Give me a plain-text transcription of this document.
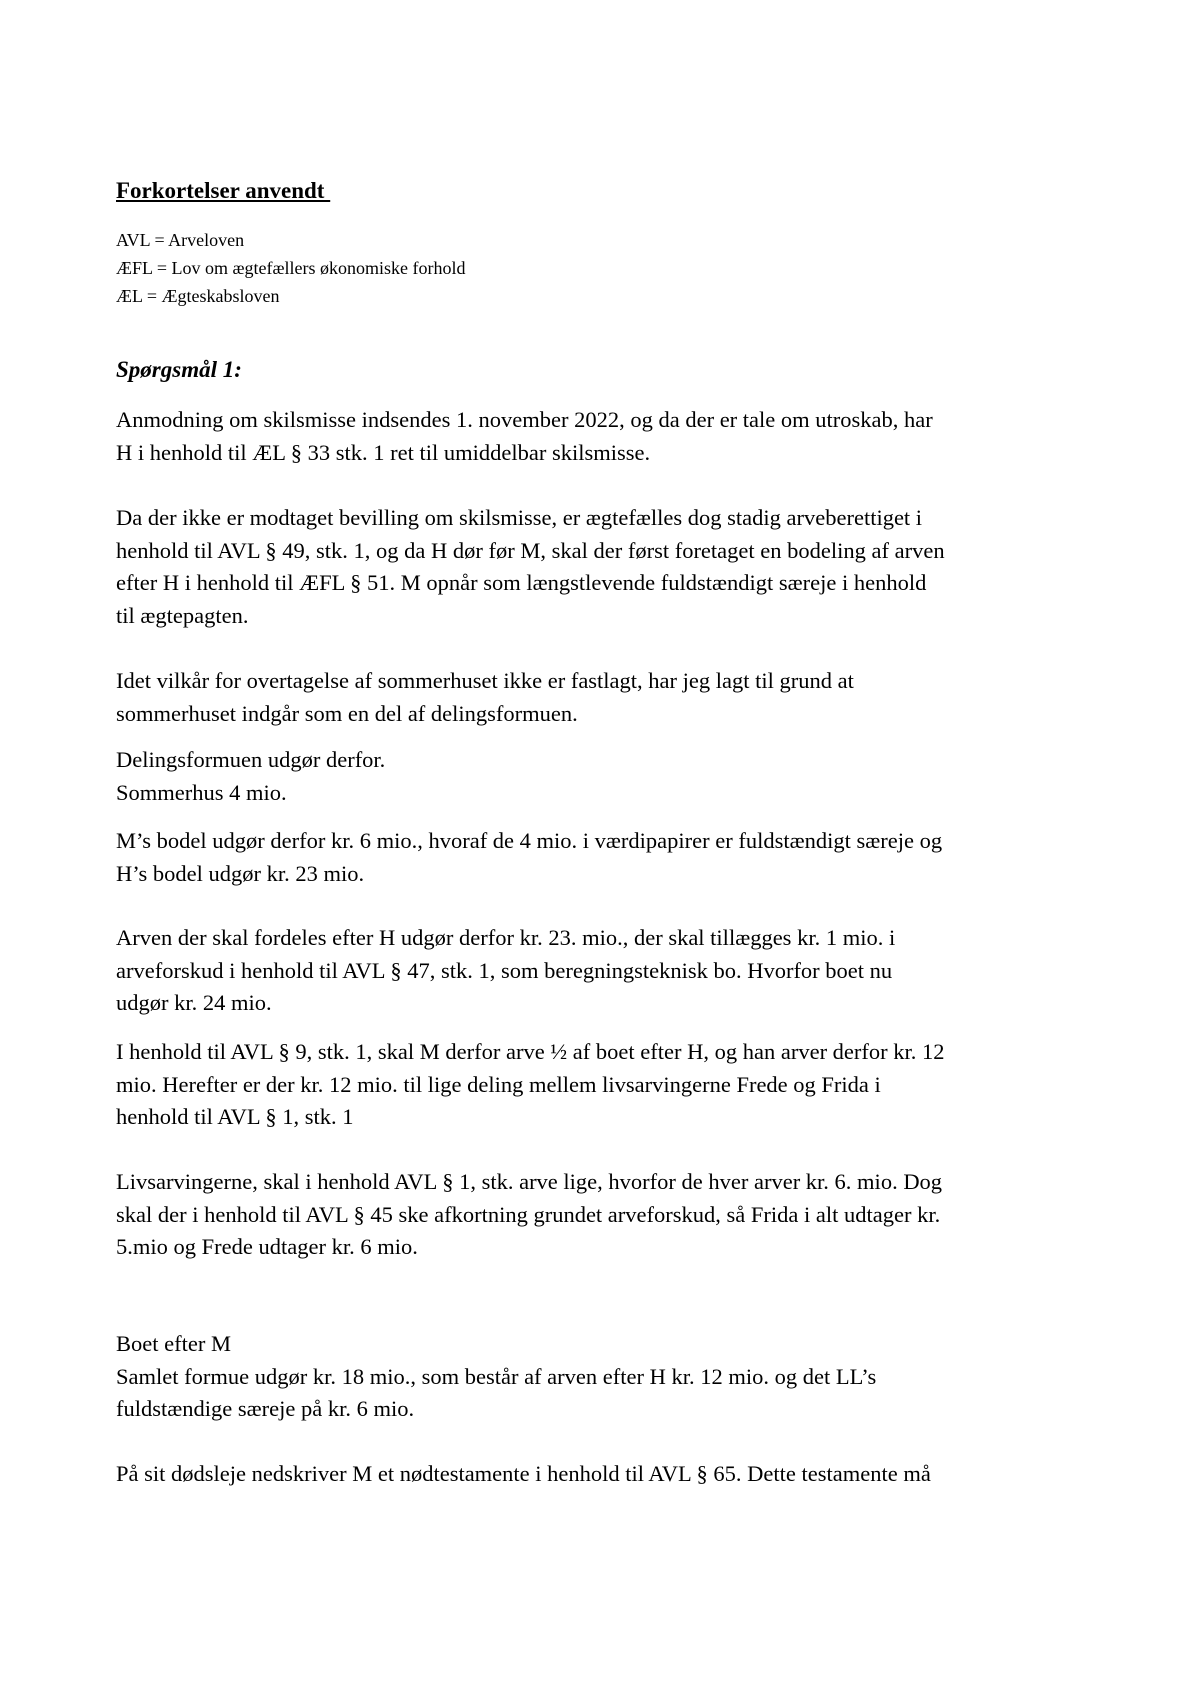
Forkortelser anvendt
AVL = Arveloven
ÆFL = Lov om ægtefællers økonomiske forhold
ÆL = Ægteskabsloven
Spørgsmål 1:
Anmodning om skilsmisse indsendes 1. november 2022, og da der er tale om utroskab, har
H i henhold til ÆL § 33 stk. 1 ret til umiddelbar skilsmisse.
Da der ikke er modtaget bevilling om skilsmisse, er ægtefælles dog stadig arveberettiget i
henhold til AVL § 49, stk. 1, og da H dør før M, skal der først foretaget en bodeling af arven
efter H i henhold til ÆFL § 51. M opnår som længstlevende fuldstændigt særeje i henhold
til ægtepagten.
Idet vilkår for overtagelse af sommerhuset ikke er fastlagt, har jeg lagt til grund at
sommerhuset indgår som en del af delingsformuen.
Delingsformuen udgør derfor.
Sommerhus 4 mio.
M’s bodel udgør derfor kr. 6 mio., hvoraf de 4 mio. i værdipapirer er fuldstændigt særeje og
H’s bodel udgør kr. 23 mio.
Arven der skal fordeles efter H udgør derfor kr. 23. mio., der skal tillægges kr. 1 mio. i
arveforskud i henhold til AVL § 47, stk. 1, som beregningsteknisk bo. Hvorfor boet nu
udgør kr. 24 mio.
I henhold til AVL § 9, stk. 1, skal M derfor arve ½ af boet efter H, og han arver derfor kr. 12
mio. Herefter er der kr. 12 mio. til lige deling mellem livsarvingerne Frede og Frida i
henhold til AVL § 1, stk. 1
Livsarvingerne, skal i henhold AVL § 1, stk. arve lige, hvorfor de hver arver kr. 6. mio. Dog
skal der i henhold til AVL § 45 ske afkortning grundet arveforskud, så Frida i alt udtager kr.
5.mio og Frede udtager kr. 6 mio.
Boet efter M
Samlet formue udgør kr. 18 mio., som består af arven efter H kr. 12 mio. og det LL’s
fuldstændige særeje på kr. 6 mio.
På sit dødsleje nedskriver M et nødtestamente i henhold til AVL § 65. Dette testamente må
